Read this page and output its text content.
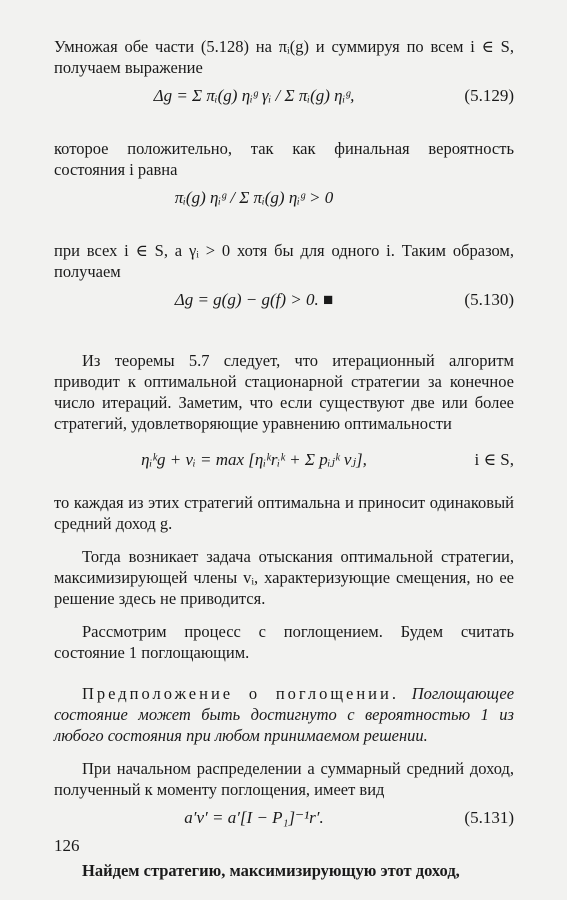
Умножая обе части (5.128) на πᵢ(g) и суммируя по всем i ∈ S, получаем выражение

Δg = Σ πᵢ(g) ηᵢᵍ γᵢ / Σ πᵢ(g) ηᵢᵍ,	(5.129)

которое положительно, так как финальная вероятность состояния i равна

πᵢ(g) ηᵢᵍ / Σ πᵢ(g) ηᵢᵍ > 0

при всех i ∈ S, а γᵢ > 0 хотя бы для одного i. Таким образом, получаем

Δg = g(g) − g(f) > 0. ■	(5.130)

Из теоремы 5.7 следует, что итерационный алгоритм приводит к оптимальной стационарной стратегии за конечное число итераций. Заметим, что если существуют две или более стратегий, удовлетворяющие уравнению оптимальности

ηᵢᵏg + vᵢ = max [ηᵢᵏrᵢᵏ + Σ pᵢⱼᵏ vⱼ],	i ∈ S,

то каждая из этих стратегий оптимальна и приносит одинаковый средний доход g.

Тогда возникает задача отыскания оптимальной стратегии, максимизирующей члены vᵢ, характеризующие смещения, но ее решение здесь не приводится.

Рассмотрим процесс с поглощением. Будем считать состояние 1 поглощающим.

Предположение о поглощении. Поглощающее состояние может быть достигнуто с вероятностью 1 из любого состояния при любом принимаемом решении.

При начальном распределении a суммарный средний доход, полученный к моменту поглощения, имеет вид

a′v′ = a′[I − P₁]⁻¹r′.	(5.131)

Найдем стратегию, максимизирующую этот доход,

126
